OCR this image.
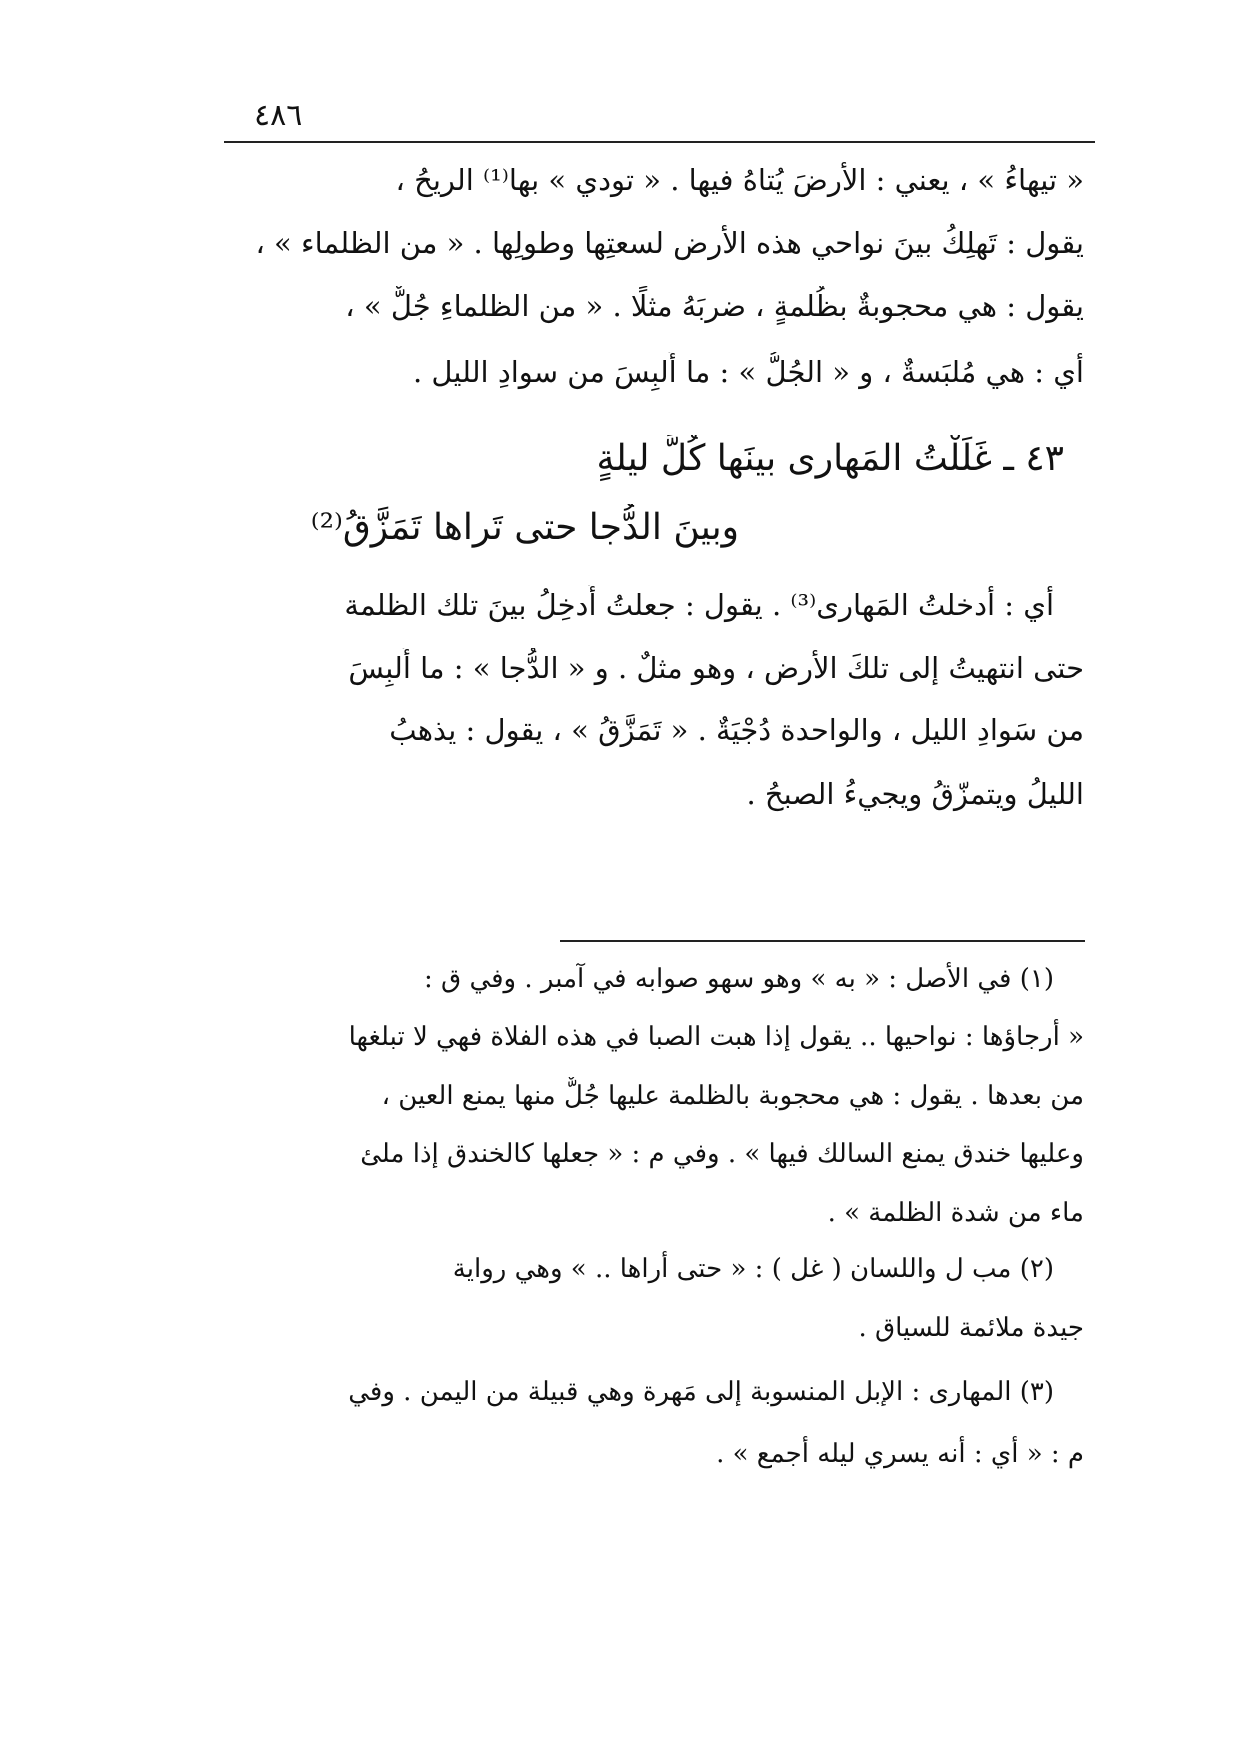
٤٨٦
« تيهاءُ » ، يعني : الأرضَ يُتاهُ فيها . « تودي » بها⁽¹⁾ الريحُ ،
يقول : تَهلِكُ بينَ نواحي هذه الأرض لسعتِها وطولِها . « من الظلماء » ،
يقول : هي محجوبةٌ بظُلمةٍ ، ضربَهُ مثلًا . « من الظلماءِ جُلٌّ » ،
أي : هي مُلبَسةٌ ، و « الجُلُّ » : ما أُلبِسَ من سوادِ الليل .
٤٣ ـ غَلَلْتُ المَهارى بينَها كُلَّ ليلةٍ
وبينَ الدُّجا حتى تَراها تَمَزَّقُ⁽²⁾
أي : أدخلتُ المَهارى⁽³⁾ . يقول : جعلتُ أُدخِلُ بينَ تلك الظلمة
حتى انتهيتُ إلى تلكَ الأرضِ ، وهو مثلٌ . و « الدُّجا » : ما أُلبِسَ
من سَوادِ الليل ، والواحدة دُجْيَةٌ . « تَمَزَّقُ » ، يقول : يذهبُ
الليلُ ويتمزّقُ ويجيءُ الصبحُ .
(١) في الأصل : « به » وهو سهو صوابه في آمبر . وفي ق :
« أرجاؤها : نواحيها .. يقول إذا هبت الصبا في هذه الفلاة فهي لا تبلغها
من بعدها . يقول : هي محجوبة بالظلمة عليها جُلٌّ منها يمنع العين ،
وعليها خندق يمنع السالك فيها » . وفي م : « جعلها كالخندق إذا ملئ
ماء من شدة الظلمة » .
(٢) مب ل واللسان ( غل ) : « حتى أراها .. » وهي رواية
جيدة ملائمة للسياق .
(٣) المهارى : الإبل المنسوبة إلى مَهرة وهي قبيلة من اليمن . وفي
م : « أي : أنه يسري ليله أجمع » .
